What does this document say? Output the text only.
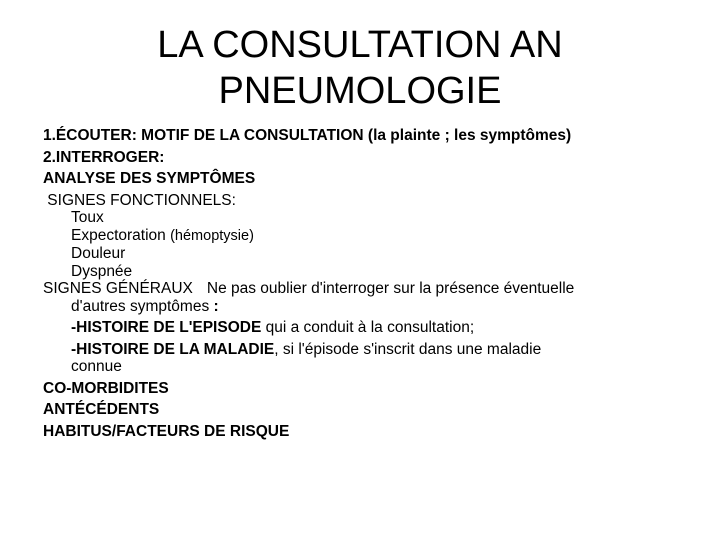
LA CONSULTATION AN
PNEUMOLOGIE
1.ÉCOUTER: MOTIF DE LA CONSULTATION (la plainte ; les symptômes)
2.INTERROGER:
ANALYSE DES SYMPTÔMES
SIGNES FONCTIONNELS:
Toux
Expectoration (hémoptysie)
Douleur
Dyspnée
SIGNES GÉNÉRAUX Ne pas oublier d'interroger sur la présence éventuelle
d'autres symptômes :
-HISTOIRE DE L'EPISODE qui a conduit à la consultation;
-HISTOIRE DE LA MALADIE, si l'épisode s'inscrit dans une maladie
connue
CO-MORBIDITES
ANTÉCÉDENTS
HABITUS/FACTEURS DE RISQUE
